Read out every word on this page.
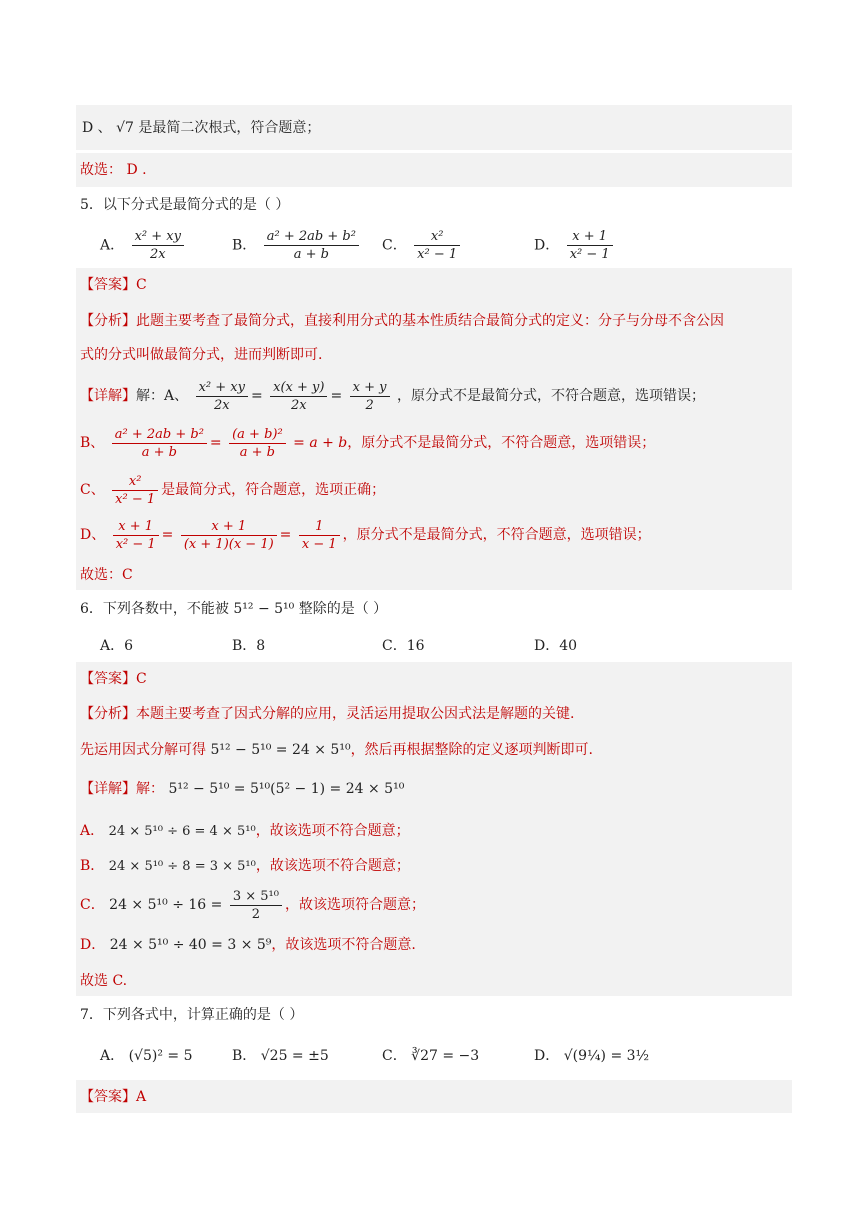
D 、 √7 是最简二次根式，符合题意；
故选： D .
5．以下分式是最简分式的是（ ）
A． $\frac{\text{x² + xy}}{2x}$	B． $\frac{\text{a² + 2ab + b²}}{a + b}$ C． $\frac{\text{x²}}{\text{x² − 1}}$	D． $\frac{x + 1}{\text{x² − 1}}$
【答案】C
【分析】此题主要考查了最简分式，直接利用分式的基本性质结合最简分式的定义：分子与分母不含公因
式的分式叫做最简分式，进而判断即可.
【详解】解：A、 $\frac{\text{x² + xy}}{2x} = \frac{x(x + y)}{2x} = \frac{x + y}{2}$ ，原分式不是最简分式，不符合题意，选项错误；
B、 $\frac{\text{a² + 2ab + b²}}{a + b} = \frac{\text{(a + b)²}}{a + b} = a + b$，原分式不是最简分式，不符合题意，选项错误；
C、 $\frac{\text{x²}}{\text{x² − 1}}$ 是最简分式，符合题意，选项正确；
D、 $\frac{x + 1}{\text{x² − 1}} = \frac{x + 1}{(x + 1)(x - 1)} = \frac{1}{x - 1}$ ，原分式不是最简分式，不符合题意，选项错误；
故选：C
6．下列各数中，不能被 5¹² − 5¹⁰ 整除的是（ ）
A．6	B．8	C．16	D．40
【答案】C
【分析】本题主要考查了因式分解的应用，灵活运用提取公因式法是解题的关键.
先运用因式分解可得 5¹² − 5¹⁰ = 24 × 5¹⁰，然后再根据整除的定义逐项判断即可.
【详解】解： 5¹² − 5¹⁰ = 5¹⁰(5² − 1) = 24 × 5¹⁰
A． 24 × 5¹⁰ ÷ 6 = 4 × 5¹⁰，故该选项不符合题意；
B． 24 × 5¹⁰ ÷ 8 = 3 × 5¹⁰，故该选项不符合题意；
C． $24 \times 5^{10} \div 16 = \frac{\text{3 × 5¹⁰}}{2}$ ，故该选项符合题意；
D． 24 × 5¹⁰ ÷ 40 = 3 × 5⁹，故该选项不符合题意.
故选 C.
7．下列各式中，计算正确的是（ ）
A． (√5)² = 5	B． √25 = ±5	C． ∛27 = −3	D． √(9¼) = 3½
【答案】A
